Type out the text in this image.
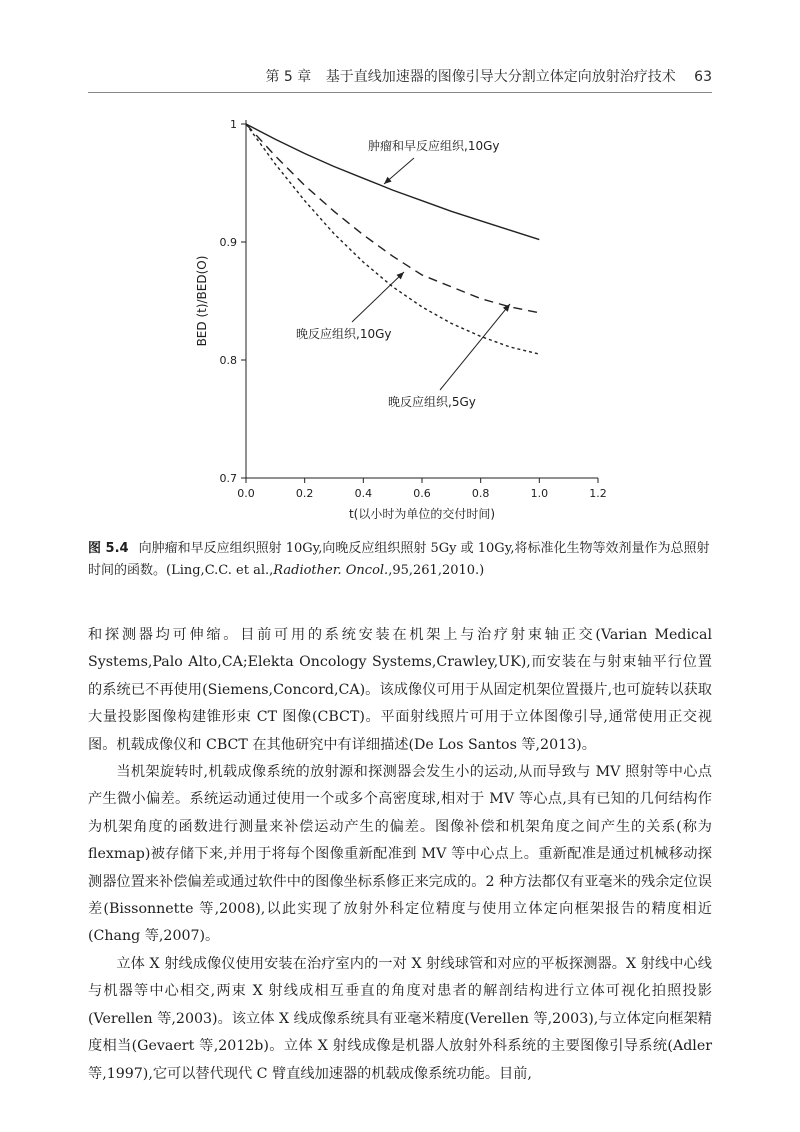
第 5 章 基于直线加速器的图像引导大分割立体定向放射治疗技术 63
0.0	0.2	0.4	0.6	0.8	1.0	1.2
0.7
0.8
0.9
1
t(以小时为单位的交付时间)
BED (t)/BED(O)
肿瘤和早反应组织,10Gy
晚反应组织,10Gy
晚反应组织,5Gy
图 5.4 向肿瘤和早反应组织照射 10Gy,向晚反应组织照射 5Gy 或 10Gy,将标准化生物等效剂量作为总照射时间的函数。(Ling,C.C. et al.,Radiother. Oncol.,95,261,2010.)

和探测器均可伸缩。目前可用的系统安装在机架上与治疗射束轴正交(Varian Medical Systems,Palo Alto,CA;Elekta Oncology Systems,Crawley,UK),而安装在与射束轴平行位置的系统已不再使用(Siemens,Concord,CA)。该成像仪可用于从固定机架位置摄片,也可旋转以获取大量投影图像构建锥形束 CT 图像(CBCT)。平面射线照片可用于立体图像引导,通常使用正交视图。机载成像仪和 CBCT 在其他研究中有详细描述(De Los Santos 等,2013)。

当机架旋转时,机载成像系统的放射源和探测器会发生小的运动,从而导致与 MV 照射等中心点产生微小偏差。系统运动通过使用一个或多个高密度球,相对于 MV 等心点,具有已知的几何结构作为机架角度的函数进行测量来补偿运动产生的偏差。图像补偿和机架角度之间产生的关系(称为 flexmap)被存储下来,并用于将每个图像重新配准到 MV 等中心点上。重新配准是通过机械移动探测器位置来补偿偏差或通过软件中的图像坐标系修正来完成的。2 种方法都仅有亚毫米的残余定位误差(Bissonnette 等,2008),以此实现了放射外科定位精度与使用立体定向框架报告的精度相近(Chang 等,2007)。

立体 X 射线成像仪使用安装在治疗室内的一对 X 射线球管和对应的平板探测器。X 射线中心线与机器等中心相交,两束 X 射线成相互垂直的角度对患者的解剖结构进行立体可视化拍照投影(Verellen 等,2003)。该立体 X 线成像系统具有亚毫米精度(Verellen 等,2003),与立体定向框架精度相当(Gevaert 等,2012b)。立体 X 射线成像是机器人放射外科系统的主要图像引导系统(Adler 等,1997),它可以替代现代 C 臂直线加速器的机载成像系统功能。目前,
